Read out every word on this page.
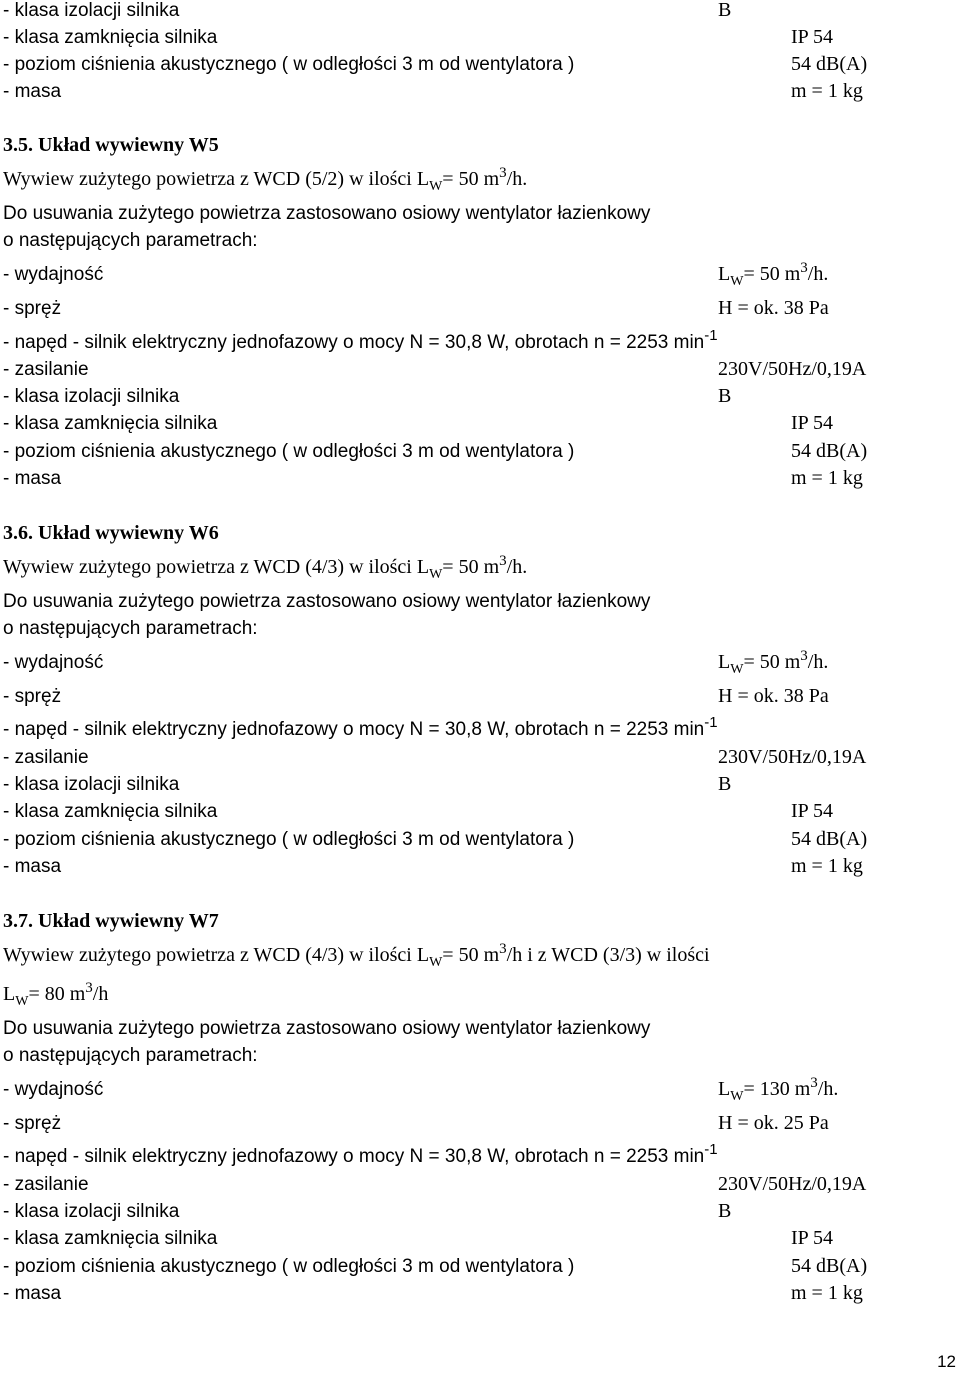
- klasa izolacji silnika	B
- klasa zamknięcia silnika	IP 54
- poziom ciśnienia akustycznego ( w odległości 3 m od wentylatora )	54 dB(A)
- masa	m = 1 kg
3.5. Układ wywiewny W5
Wywiew zużytego powietrza z WCD (5/2) w ilości $L_W= 50$ $m^3/h$.
Do usuwania zużytego powietrza zastosowano osiowy wentylator łazienkowy
o następujących parametrach:
- wydajność	$L_W= 50$ $m^3/h$.
- spręż	H = ok. 38 Pa
- napęd - silnik elektryczny jednofazowy o mocy N = 30,8 W, obrotach n = 2253 $\min^{-1}$
- zasilanie	230V/50Hz/0,19A
- klasa izolacji silnika	B
- klasa zamknięcia silnika	IP 54
- poziom ciśnienia akustycznego ( w odległości 3 m od wentylatora )	54 dB(A)
- masa	m = 1 kg
3.6. Układ wywiewny W6
Wywiew zużytego powietrza z WCD (4/3) w ilości $L_W= 50$ $m^3/h$.
Do usuwania zużytego powietrza zastosowano osiowy wentylator łazienkowy
o następujących parametrach:
- wydajność	$L_W= 50$ $m^3/h$.
- spręż	H = ok. 38 Pa
- napęd - silnik elektryczny jednofazowy o mocy N = 30,8 W, obrotach n = 2253 $\min^{-1}$
- zasilanie	230V/50Hz/0,19A
- klasa izolacji silnika	B
- klasa zamknięcia silnika	IP 54
- poziom ciśnienia akustycznego ( w odległości 3 m od wentylatora )	54 dB(A)
- masa	m = 1 kg
3.7. Układ wywiewny W7
Wywiew zużytego powietrza z WCD (4/3) w ilości $L_W= 50$ $m^3/h$ i z WCD (3/3) w ilości
$L_W= 80$ $m^3/h$
Do usuwania zużytego powietrza zastosowano osiowy wentylator łazienkowy
o następujących parametrach:
- wydajność	$L_W= 130$ $m^3/h$.
- spręż	H = ok. 25 Pa
- napęd - silnik elektryczny jednofazowy o mocy N = 30,8 W, obrotach n = 2253 $\min^{-1}$
- zasilanie	230V/50Hz/0,19A
- klasa izolacji silnika	B
- klasa zamknięcia silnika	IP 54
- poziom ciśnienia akustycznego ( w odległości 3 m od wentylatora )	54 dB(A)
- masa	m = 1 kg
12
